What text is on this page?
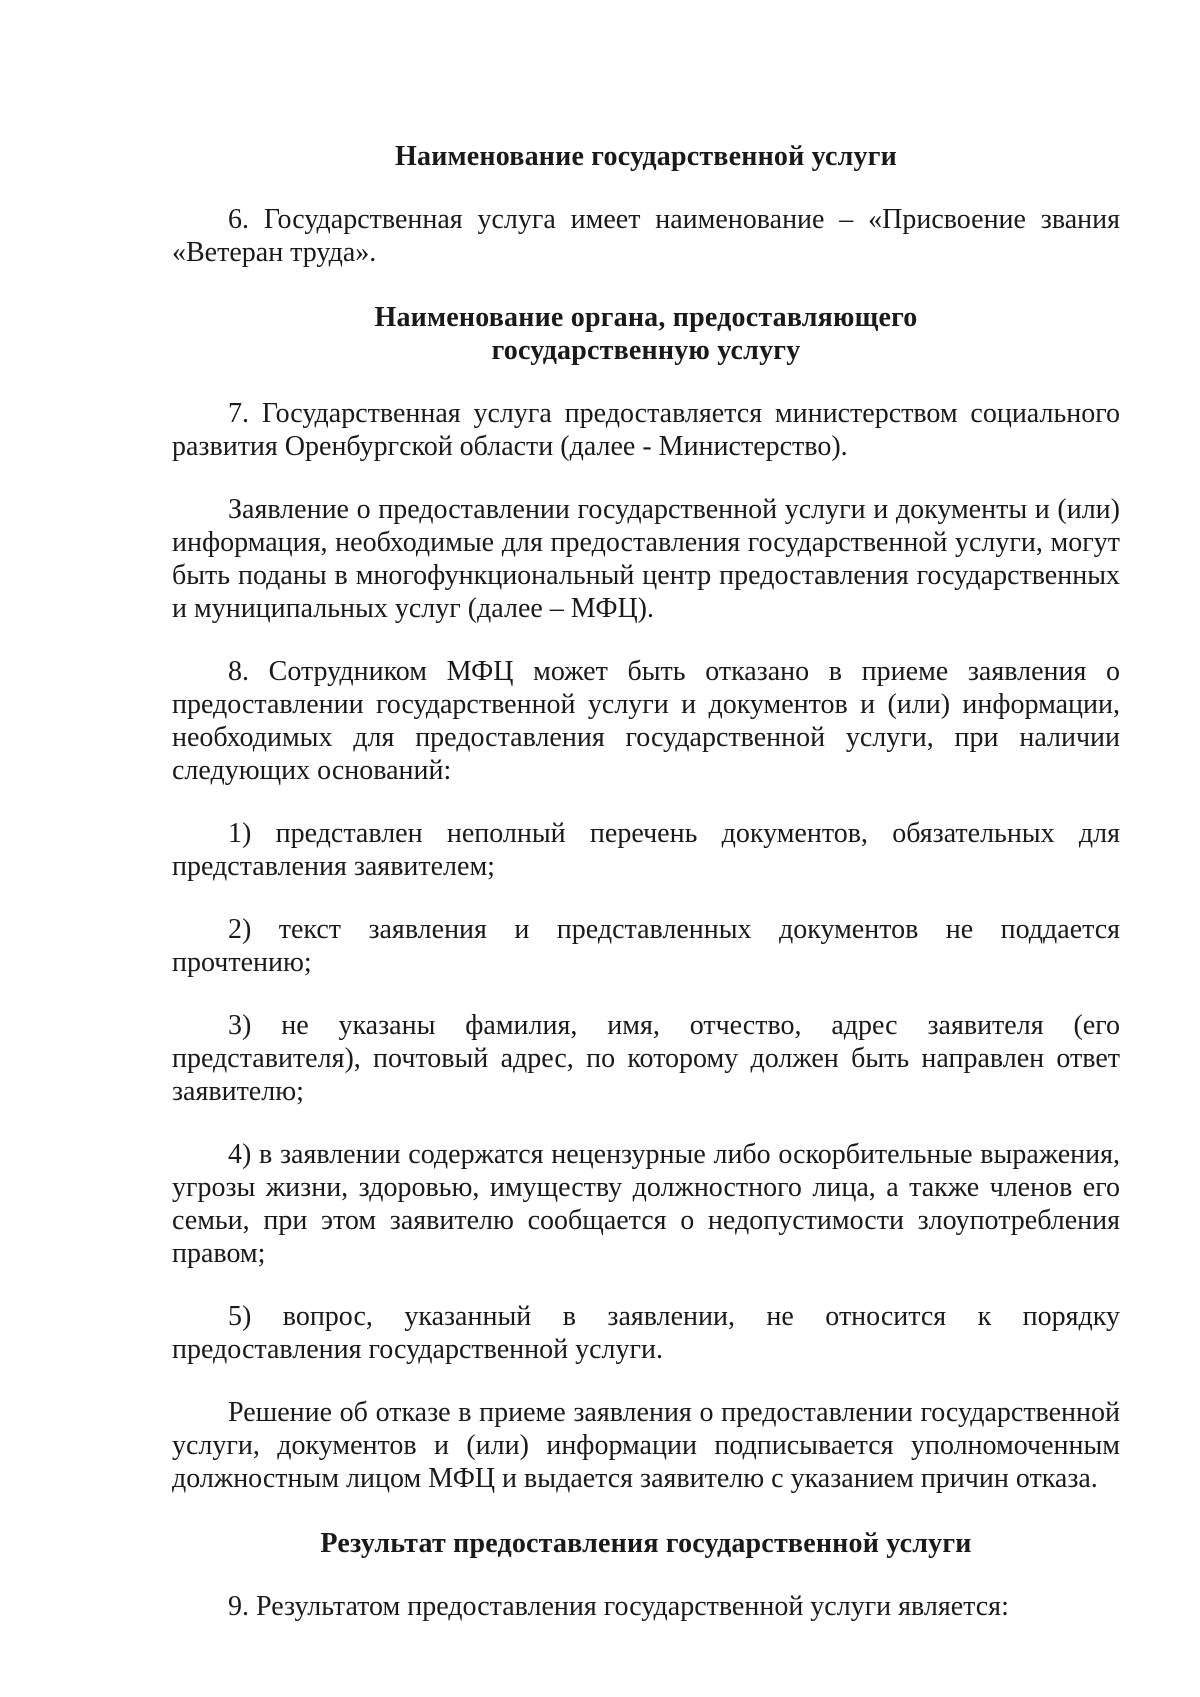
Наименование государственной услуги

6. Государственная услуга имеет наименование – «Присвоение звания «Ветеран труда».

Наименование органа, предоставляющего
государственную услугу

7. Государственная услуга предоставляется министерством социального развития Оренбургской области (далее - Министерство).

Заявление о предоставлении государственной услуги и документы и (или) информация, необходимые для предоставления государственной услуги, могут быть поданы в многофункциональный центр предоставления государственных и муниципальных услуг (далее – МФЦ).

8. Сотрудником МФЦ может быть отказано в приеме заявления о предоставлении государственной услуги и документов и (или) информации, необходимых для предоставления государственной услуги, при наличии следующих оснований:

1) представлен неполный перечень документов, обязательных для представления заявителем;

2) текст заявления и представленных документов не поддается прочтению;

3) не указаны фамилия, имя, отчество, адрес заявителя (его представителя), почтовый адрес, по которому должен быть направлен ответ заявителю;

4) в заявлении содержатся нецензурные либо оскорбительные выражения, угрозы жизни, здоровью, имуществу должностного лица, а также членов его семьи, при этом заявителю сообщается о недопустимости злоупотребления правом;

5) вопрос, указанный в заявлении, не относится к порядку предоставления государственной услуги.

Решение об отказе в приеме заявления о предоставлении государственной услуги, документов и (или) информации подписывается уполномоченным должностным лицом МФЦ и выдается заявителю с указанием причин отказа.

Результат предоставления государственной услуги

9. Результатом предоставления государственной услуги является:
